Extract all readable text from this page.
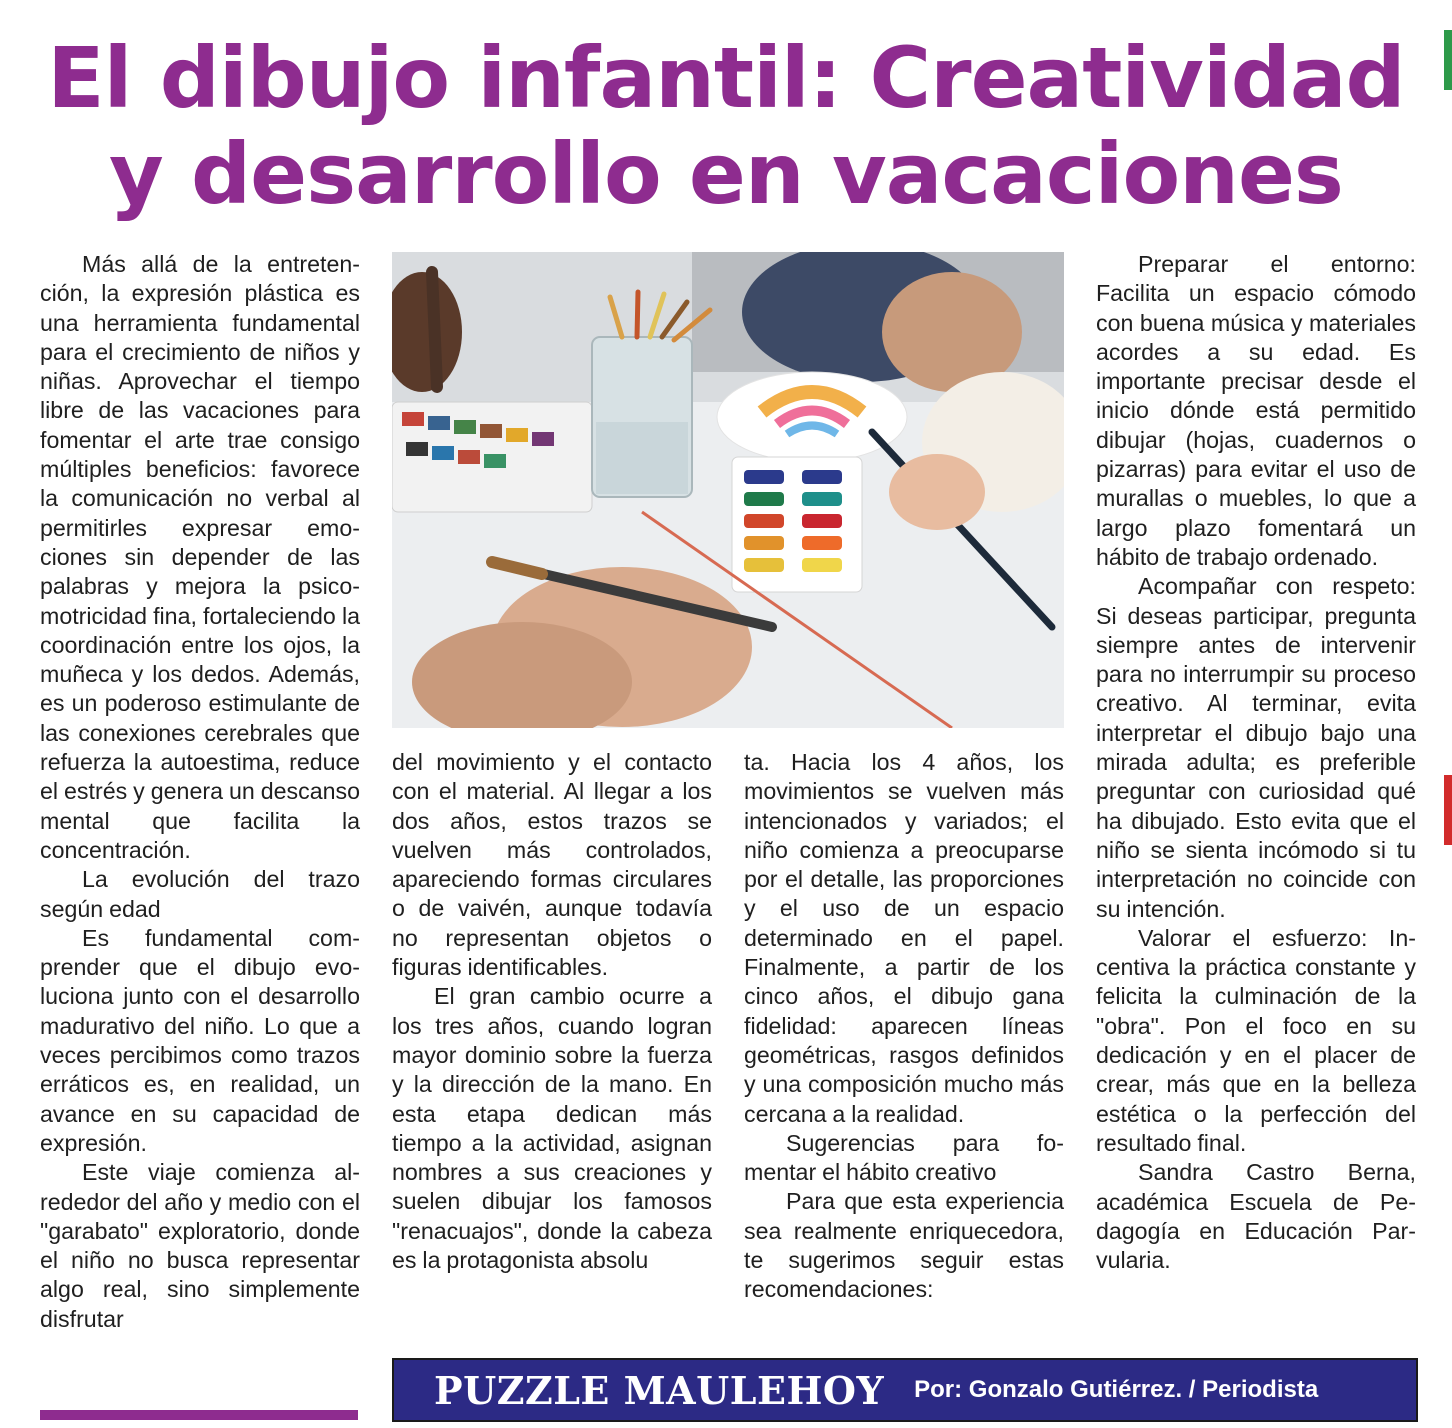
El dibujo infantil: Creatividad
y desarrollo en vacaciones

Más allá de la entretención, la expresión plástica es una herramienta fundamental para el crecimiento de niños y niñas. Aprovechar el tiempo libre de las vacaciones para fomentar el arte trae consigo múltiples beneficios: favorece la comunicación no verbal al permitirles expresar emociones sin depender de las palabras y mejora la psicomotricidad fina, fortaleciendo la coordinación entre los ojos, la muñeca y los dedos. Además, es un poderoso estimulante de las conexiones cerebrales que refuerza la autoestima, reduce el estrés y genera un descanso mental que facilita la concentración.

La evolución del trazo según edad

Es fundamental comprender que el dibujo evoluciona junto con el desarrollo madurativo del niño. Lo que a veces percibimos como trazos erráticos es, en realidad, un avance en su capacidad de expresión.

Este viaje comienza alrededor del año y medio con el "garabato" exploratorio, donde el niño no busca representar algo real, sino simplemente disfrutar

del movimiento y el contacto con el material. Al llegar a los dos años, estos trazos se vuelven más controlados, apareciendo formas circulares o de vaivén, aunque todavía no representan objetos o figuras identificables.

El gran cambio ocurre a los tres años, cuando logran mayor dominio sobre la fuerza y la dirección de la mano. En esta etapa dedican más tiempo a la actividad, asignan nombres a sus creaciones y suelen dibujar los famosos "renacuajos", donde la cabeza es la protagonista absolu

ta. Hacia los 4 años, los movimientos se vuelven más intencionados y variados; el niño comienza a preocuparse por el detalle, las proporciones y el uso de un espacio determinado en el papel. Finalmente, a partir de los cinco años, el dibujo gana fidelidad: aparecen líneas geométricas, rasgos definidos y una composición mucho más cercana a la realidad.

Sugerencias para fomentar el hábito creativo

Para que esta experiencia sea realmente enriquecedora, te sugerimos seguir estas recomendaciones:

Preparar el entorno: Facilita un espacio cómodo con buena música y materiales acordes a su edad. Es importante precisar desde el inicio dónde está permitido dibujar (hojas, cuadernos o pizarras) para evitar el uso de murallas o muebles, lo que a largo plazo fomentará un hábito de trabajo ordenado.

Acompañar con respeto: Si deseas participar, pregunta siempre antes de intervenir para no interrumpir su proceso creativo. Al terminar, evita interpretar el dibujo bajo una mirada adulta; es preferible preguntar con curiosidad qué ha dibujado. Esto evita que el niño se sienta incómodo si tu interpretación no coincide con su intención.

Valorar el esfuerzo: Incentiva la práctica constante y felicita la culminación de la "obra". Pon el foco en su dedicación y en el placer de crear, más que en la belleza estética o la perfección del resultado final.

Sandra Castro Berna, académica Escuela de Pedagogía en Educación Parvularia.

PUZZLE MAULEHOY Por: Gonzalo Gutiérrez. / Periodista
